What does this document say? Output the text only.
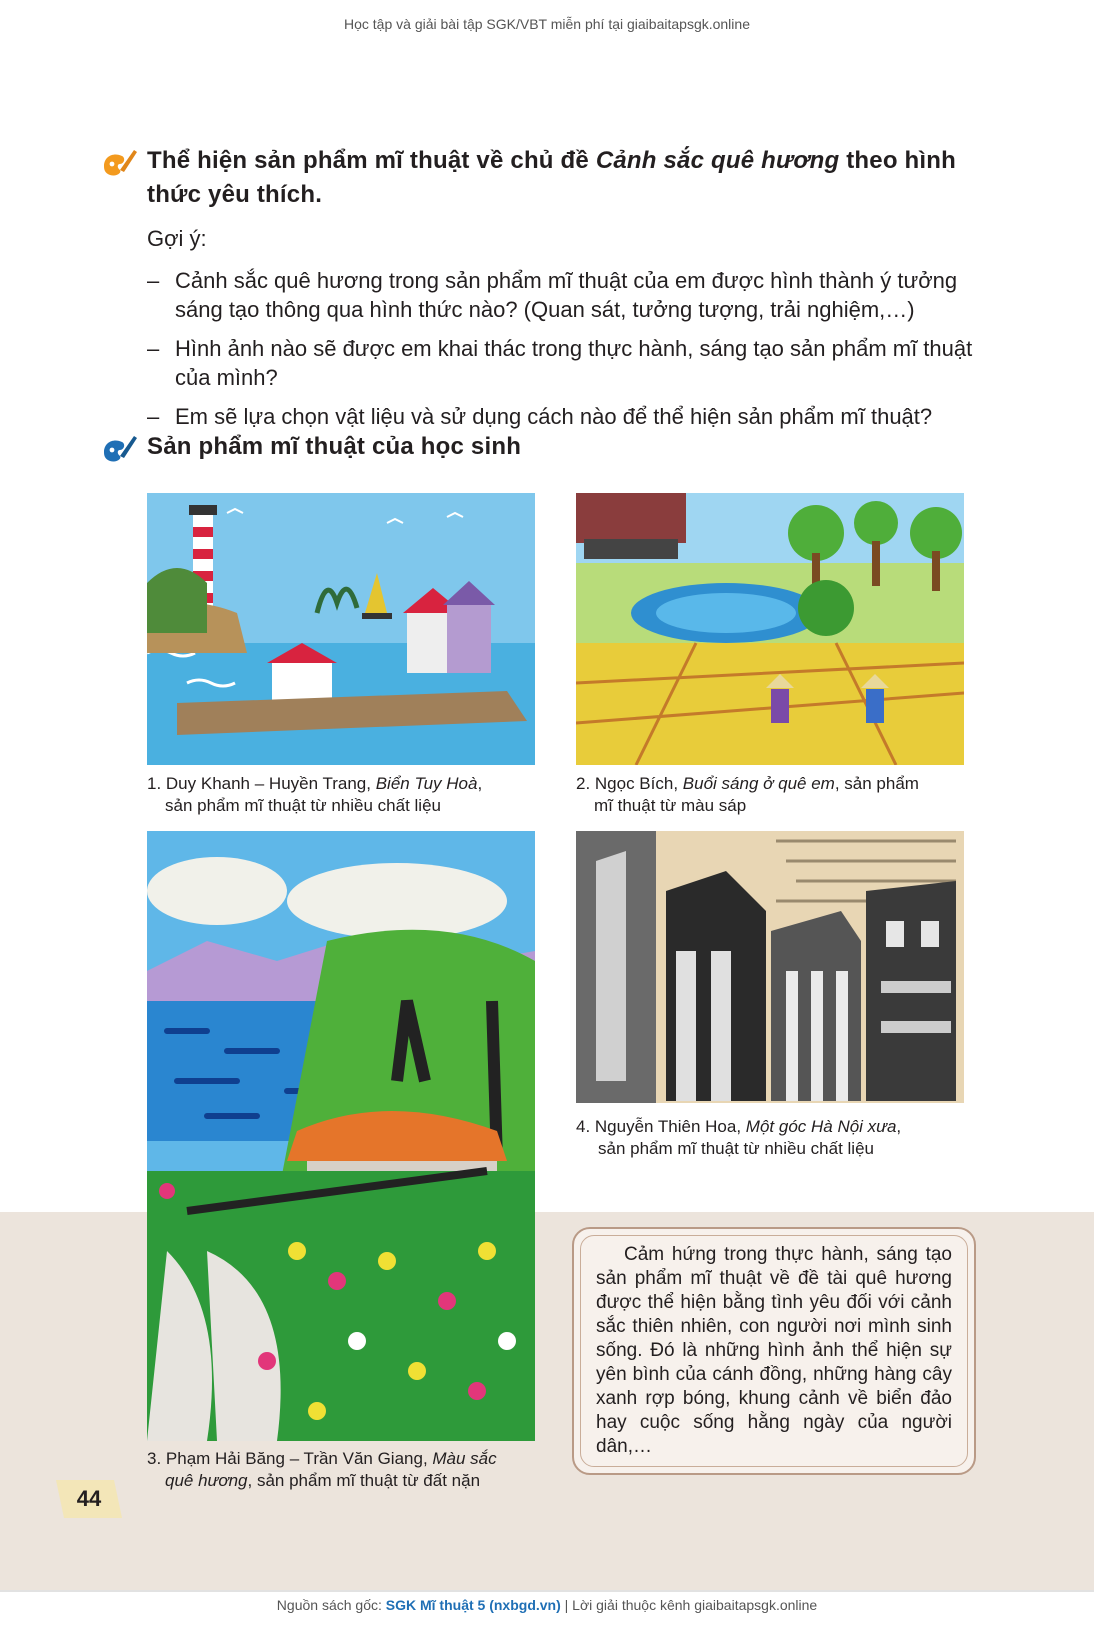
Học tập và giải bài tập SGK/VBT miễn phí tại giaibaitapsgk.online
Thể hiện sản phẩm mĩ thuật về chủ đề Cảnh sắc quê hương theo hình thức yêu thích.
Gợi ý:
– Cảnh sắc quê hương trong sản phẩm mĩ thuật của em được hình thành ý tưởng sáng tạo thông qua hình thức nào? (Quan sát, tưởng tượng, trải nghiệm,…)
– Hình ảnh nào sẽ được em khai thác trong thực hành, sáng tạo sản phẩm mĩ thuật của mình?
– Em sẽ lựa chọn vật liệu và sử dụng cách nào để thể hiện sản phẩm mĩ thuật?
Sản phẩm mĩ thuật của học sinh
1. Duy Khanh – Huyền Trang, Biển Tuy Hoà,
sản phẩm mĩ thuật từ nhiều chất liệu
2. Ngọc Bích, Buổi sáng ở quê em, sản phẩm
mĩ thuật từ màu sáp
4. Nguyễn Thiên Hoa, Một góc Hà Nội xưa,
sản phẩm mĩ thuật từ nhiều chất liệu
3. Phạm Hải Băng – Trần Văn Giang, Màu sắc
quê hương, sản phẩm mĩ thuật từ đất nặn
Cảm hứng trong thực hành, sáng tạo sản phẩm mĩ thuật về đề tài quê hương được thể hiện bằng tình yêu đối với cảnh sắc thiên nhiên, con người nơi mình sinh sống. Đó là những hình ảnh thể hiện sự yên bình của cánh đồng, những hàng cây xanh rợp bóng, khung cảnh về biển đảo hay cuộc sống hằng ngày của người dân,…
44
Nguồn sách gốc: SGK Mĩ thuật 5 (nxbgd.vn) | Lời giải thuộc kênh giaibaitapsgk.online
